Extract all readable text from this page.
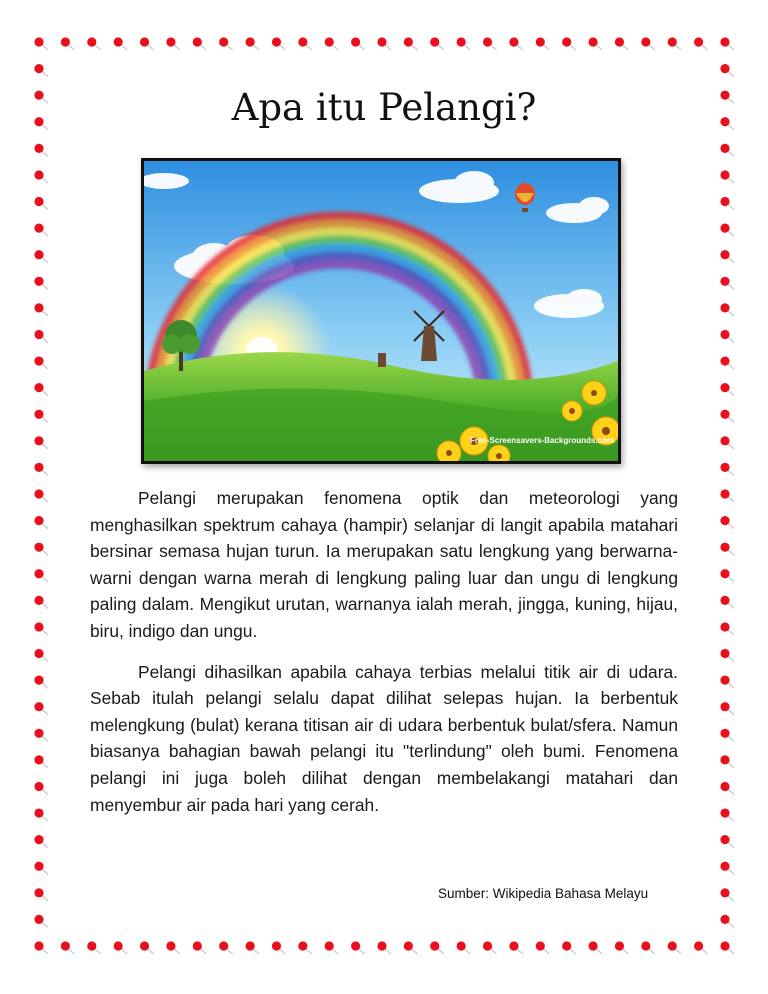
Apa itu Pelangi?
Free-Screensavers-Backgrounds.com

Pelangi merupakan fenomena optik dan meteorologi yang menghasilkan spektrum cahaya (hampir) selanjar di langit apabila matahari bersinar semasa hujan turun. Ia merupakan satu lengkung yang berwarna-warni dengan warna merah di lengkung paling luar dan ungu di lengkung paling dalam. Mengikut urutan, warnanya ialah merah, jingga, kuning, hijau, biru, indigo dan ungu.

Pelangi dihasilkan apabila cahaya terbias melalui titik air di udara. Sebab itulah pelangi selalu dapat dilihat selepas hujan. Ia berbentuk melengkung (bulat) kerana titisan air di udara berbentuk bulat/sfera. Namun biasanya bahagian bawah pelangi itu "terlindung" oleh bumi. Fenomena pelangi ini juga boleh dilihat dengan membelakangi matahari dan menyembur air pada hari yang cerah.

Sumber: Wikipedia Bahasa Melayu
